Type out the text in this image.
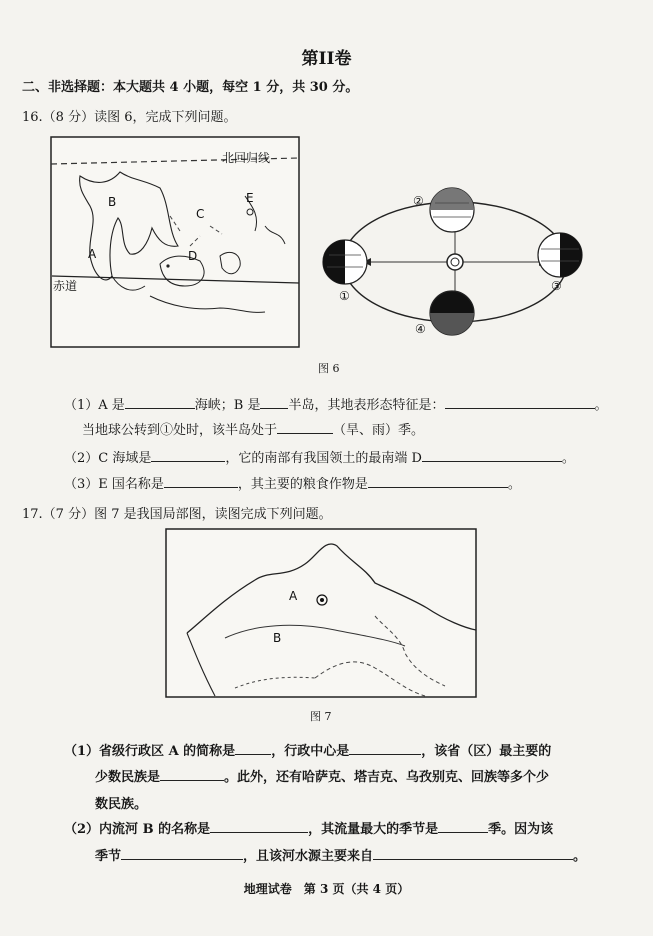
第II卷
二、非选择题：本大题共 4 小题，每空 1 分，共 30 分。
16.（8 分）读图 6，完成下列问题。
北回归线
赤道
B
C
D
E
A
①
②
③
④
图 6
（1）A 是	海峡；B 是 半岛，其地表形态特征是：	。
当地球公转到①处时，该半岛处于	（旱、雨）季。
（2）C 海域是	，它的南部有我国领土的最南端 D	。
（3）E 国名称是	，其主要的粮食作物是	。
17.（7 分）图 7 是我国局部图，读图完成下列问题。
A
B
图 7
（1）省级行政区 A 的简称是	，行政中心是	，该省（区）最主要的
少数民族是	。此外，还有哈萨克、塔吉克、乌孜别克、回族等多个少
数民族。
（2）内流河 B 的名称是	，其流量最大的季节是	季。因为该
季节	，且该河水源主要来自	。
地理试卷　第 3 页（共 4 页）
